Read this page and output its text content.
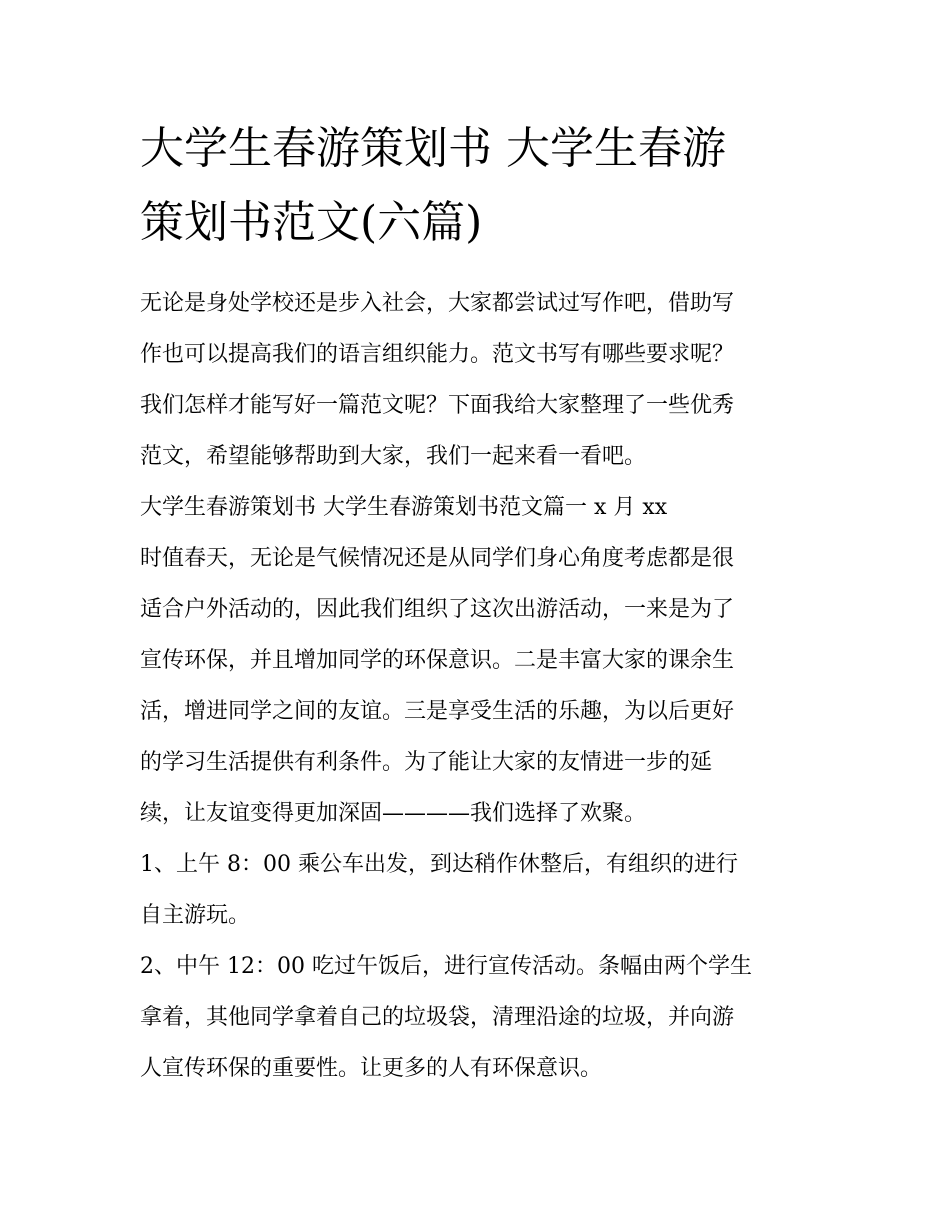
大学生春游策划书 大学生春游
策划书范文(六篇)
无论是身处学校还是步入社会，大家都尝试过写作吧，借助写
作也可以提高我们的语言组织能力。范文书写有哪些要求呢？
我们怎样才能写好一篇范文呢？下面我给大家整理了一些优秀
范文，希望能够帮助到大家，我们一起来看一看吧。
大学生春游策划书 大学生春游策划书范文篇一 x 月 xx
时值春天，无论是气候情况还是从同学们身心角度考虑都是很
适合户外活动的，因此我们组织了这次出游活动，一来是为了
宣传环保，并且增加同学的环保意识。二是丰富大家的课余生
活，增进同学之间的友谊。三是享受生活的乐趣，为以后更好
的学习生活提供有利条件。为了能让大家的友情进一步的延
续，让友谊变得更加深固————我们选择了欢聚。
1、上午 8：00 乘公车出发，到达稍作休整后，有组织的进行
自主游玩。
2、中午 12：00 吃过午饭后，进行宣传活动。条幅由两个学生
拿着，其他同学拿着自己的垃圾袋，清理沿途的垃圾，并向游
人宣传环保的重要性。让更多的人有环保意识。
